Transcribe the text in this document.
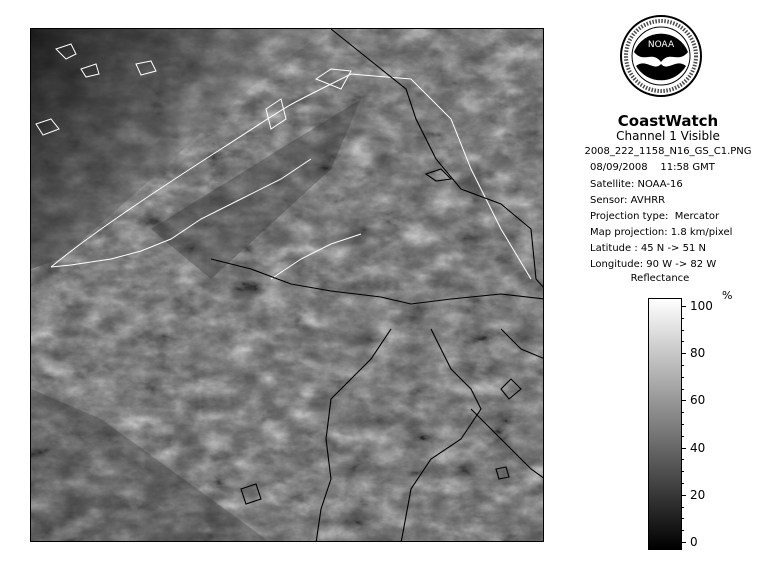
NOAA
CoastWatch
Channel 1 Visible
2008_222_1158_N16_GS_C1.PNG
08/09/2008    11:58 GMT
Satellite: NOAA-16
Sensor: AVHRR
Projection type:  Mercator
Map projection: 1.8 km/pixel
Latitude : 45 N -> 51 N
Longitude: 90 W -> 82 W
Reflectance
%
100
80
60
40
20
0
